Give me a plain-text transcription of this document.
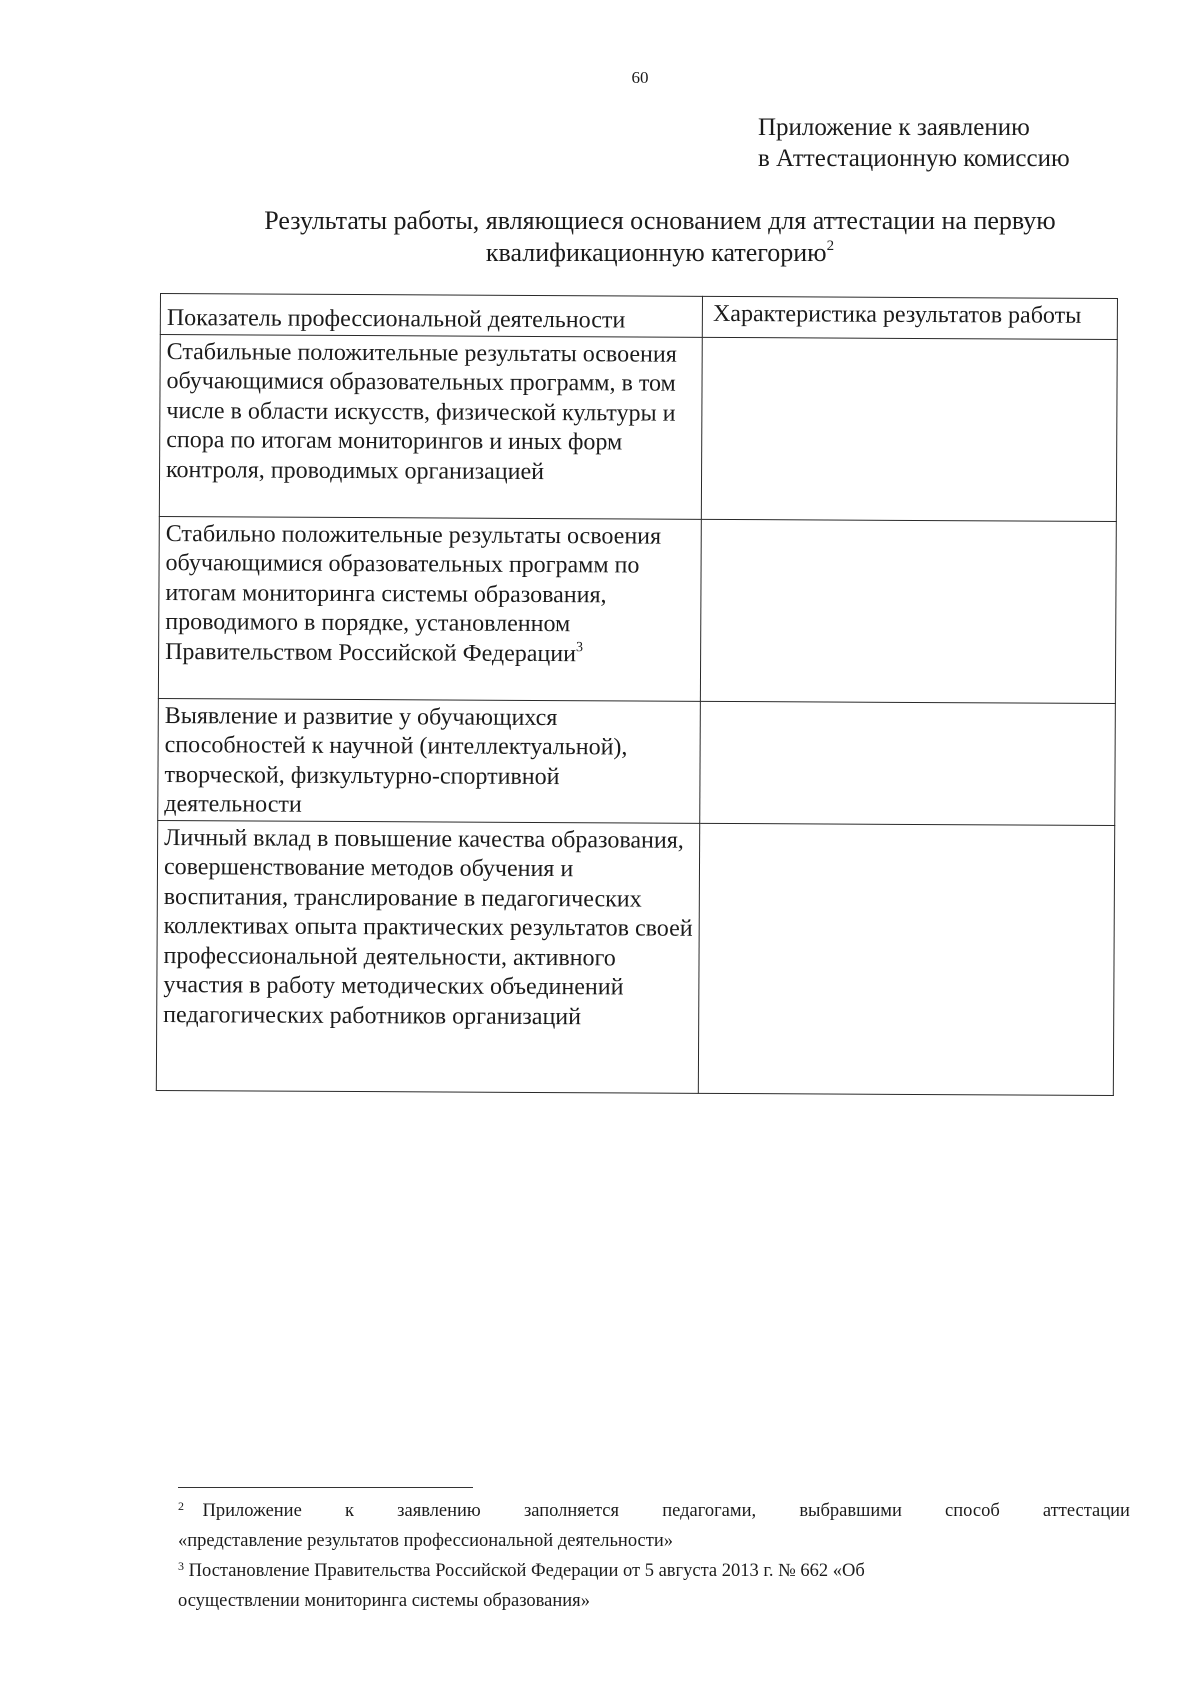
60
Приложение к заявлению
в Аттестационную комиссию
Результаты работы, являющиеся основанием для аттестации на первую
квалификационную категорию$^2$
Показатель профессиональной деятельности	Характеристика результатов работы
Стабильные положительные результаты освоения обучающимися образовательных программ, в том числе в области искусств, физической культуры и спора по итогам мониторингов и иных форм контроля, проводимых организацией	
Стабильно положительные результаты освоения обучающимися образовательных программ по итогам мониторинга системы образования, проводимого в порядке, установленном Правительством Российской Федерации$^3$	
Выявление и развитие у обучающихся способностей к научной (интеллектуальной), творческой, физкультурно-спортивной деятельности	
Личный вклад в повышение качества образования, совершенствование методов обучения и воспитания, транслирование в педагогических коллективах опыта практических результатов своей профессиональной деятельности, активного участия в работу методических объединений педагогических работников организаций	
$^2$ Приложение к заявлению заполняется педагогами, выбравшими способ аттестации
«представление результатов профессиональной деятельности»
$^3$ Постановление Правительства Российской Федерации от 5 августа 2013 г. № 662 «Об
осуществлении мониторинга системы образования»
